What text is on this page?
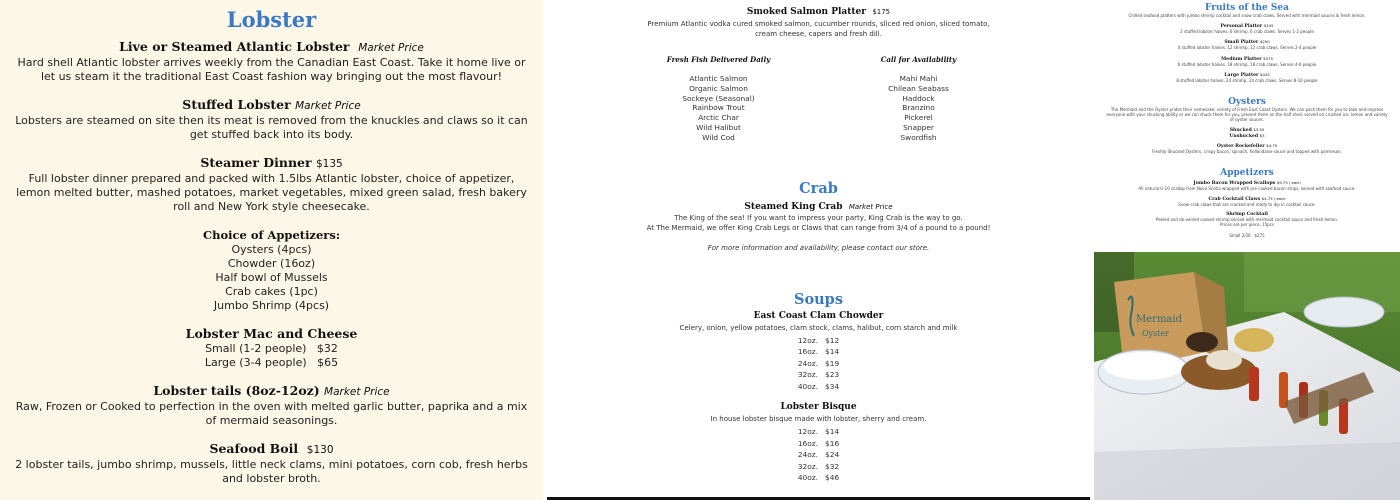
Lobster
Live or Steamed Atlantic Lobster Market Price
Hard shell Atlantic lobster arrives weekly from the Canadian East Coast. Take it home live or let us steam it the traditional East Coast fashion way bringing out the most flavour!
Stuffed Lobster Market Price
Lobsters are steamed on site then its meat is removed from the knuckles and claws so it can get stuffed back into its body.
Steamer Dinner $135
Full lobster dinner prepared and packed with 1.5lbs Atlantic lobster, choice of appetizer, lemon melted butter, mashed potatoes, market vegetables, mixed green salad, fresh bakery roll and New York style cheesecake.
Choice of Appetizers:
Oysters (4pcs)
Chowder (16oz)
Half bowl of Mussels
Crab cakes (1pc)
Jumbo Shrimp (4pcs)
Lobster Mac and Cheese
Small (1-2 people)   $32
Large (3-4 people)   $65
Lobster tails (8oz-12oz) Market Price
Raw, Frozen or Cooked to perfection in the oven with melted garlic butter, paprika and a mix of mermaid seasonings.
Seafood Boil $130
2 lobster tails, jumbo shrimp, mussels, little neck clams, mini potatoes, corn cob, fresh herbs and lobster broth.
Smoked Salmon Platter $175
Premium Atlantic vodka cured smoked salmon, cucumber rounds, sliced red onion, sliced tomato, cream cheese, capers and fresh dill.
Fresh Fish Delivered Daily
Atlantic Salmon
Organic Salmon
Sockeye (Seasonal)
Rainbow Trout
Arctic Char
Wild Halibut
Wild Cod
Call for Availability
Mahi Mahi
Chilean Seabass
Haddock
Branzino
Pickerel
Snapper
Swordfish
Crab
Steamed King Crab Market Price
The King of the sea! If you want to impress your party, King Crab is the way to go.
At The Mermaid, we offer King Crab Legs or Claws that can range from 3/4 of a pound to a pound!
For more information and availability, please contact our store.
Soups
East Coast Clam Chowder
Celery, onion, yellow potatoes, clam stock, clams, halibut, corn starch and milk
12oz.   $12
16oz.   $14
24oz.   $19
32oz.   $23
40oz.   $34
Lobster Bisque
In house lobster bisque made with lobster, sherry and cream.
12oz.   $14
16oz.   $16
24oz.   $24
32oz.   $32
40oz.   $46
Fruits of the Sea
Chilled seafood platters with jumbo shrimp cocktail and snow crab claws. Served with mermaid sauces & fresh lemon.
Personal Platter $145
2 stuffed lobster halves, 6 shrimp, 6 crab claws. Serves 1-2 people
Small Platter $250
4 stuffed lobster halves, 12 shrimp, 12 crab claws. Serves 2-4 people
Medium Platter $375
6 stuffed lobster halves, 18 shrimp, 18 crab claws. Serves 4-6 people
Large Platter $425
8 stuffed lobster halves, 24 shrimp, 24 crab claws. Serves 8-10 people
Oysters
The Mermaid and the Oyster prides their namesake; variety of Fresh East Coast Oysters. We can pack them for you to take and impress everyone with your shucking ability or we can shuck them for you, present them on the half shell, served on crushed ice, lemon and variety of oyster sauces.
Shucked $3.50
Unshucked $3
Oyster Rockefeller $4.75
Freshly Shucked Oysters, crispy bacon, spinach, hollandaise sauce and topped with parmesan.
Appetizers
Jumbo Bacon Wrapped Scallops $9.75 / each
All natural U-10 scallop from Nova Scotia wrapped with pre cooked bacon strips, served with seafood sauce.
Crab Cocktail Claws $4.75 / each
Snow crab claws that are cracked and ready to dip in cocktail sauce.
Shrimp Cocktail
Peeled and de-veined cooked shrimp served with mermaid cocktail sauce and fresh lemon.
Prices are per piece, 15pcs
Small 2/26   $275
Mermaid
Oyster
